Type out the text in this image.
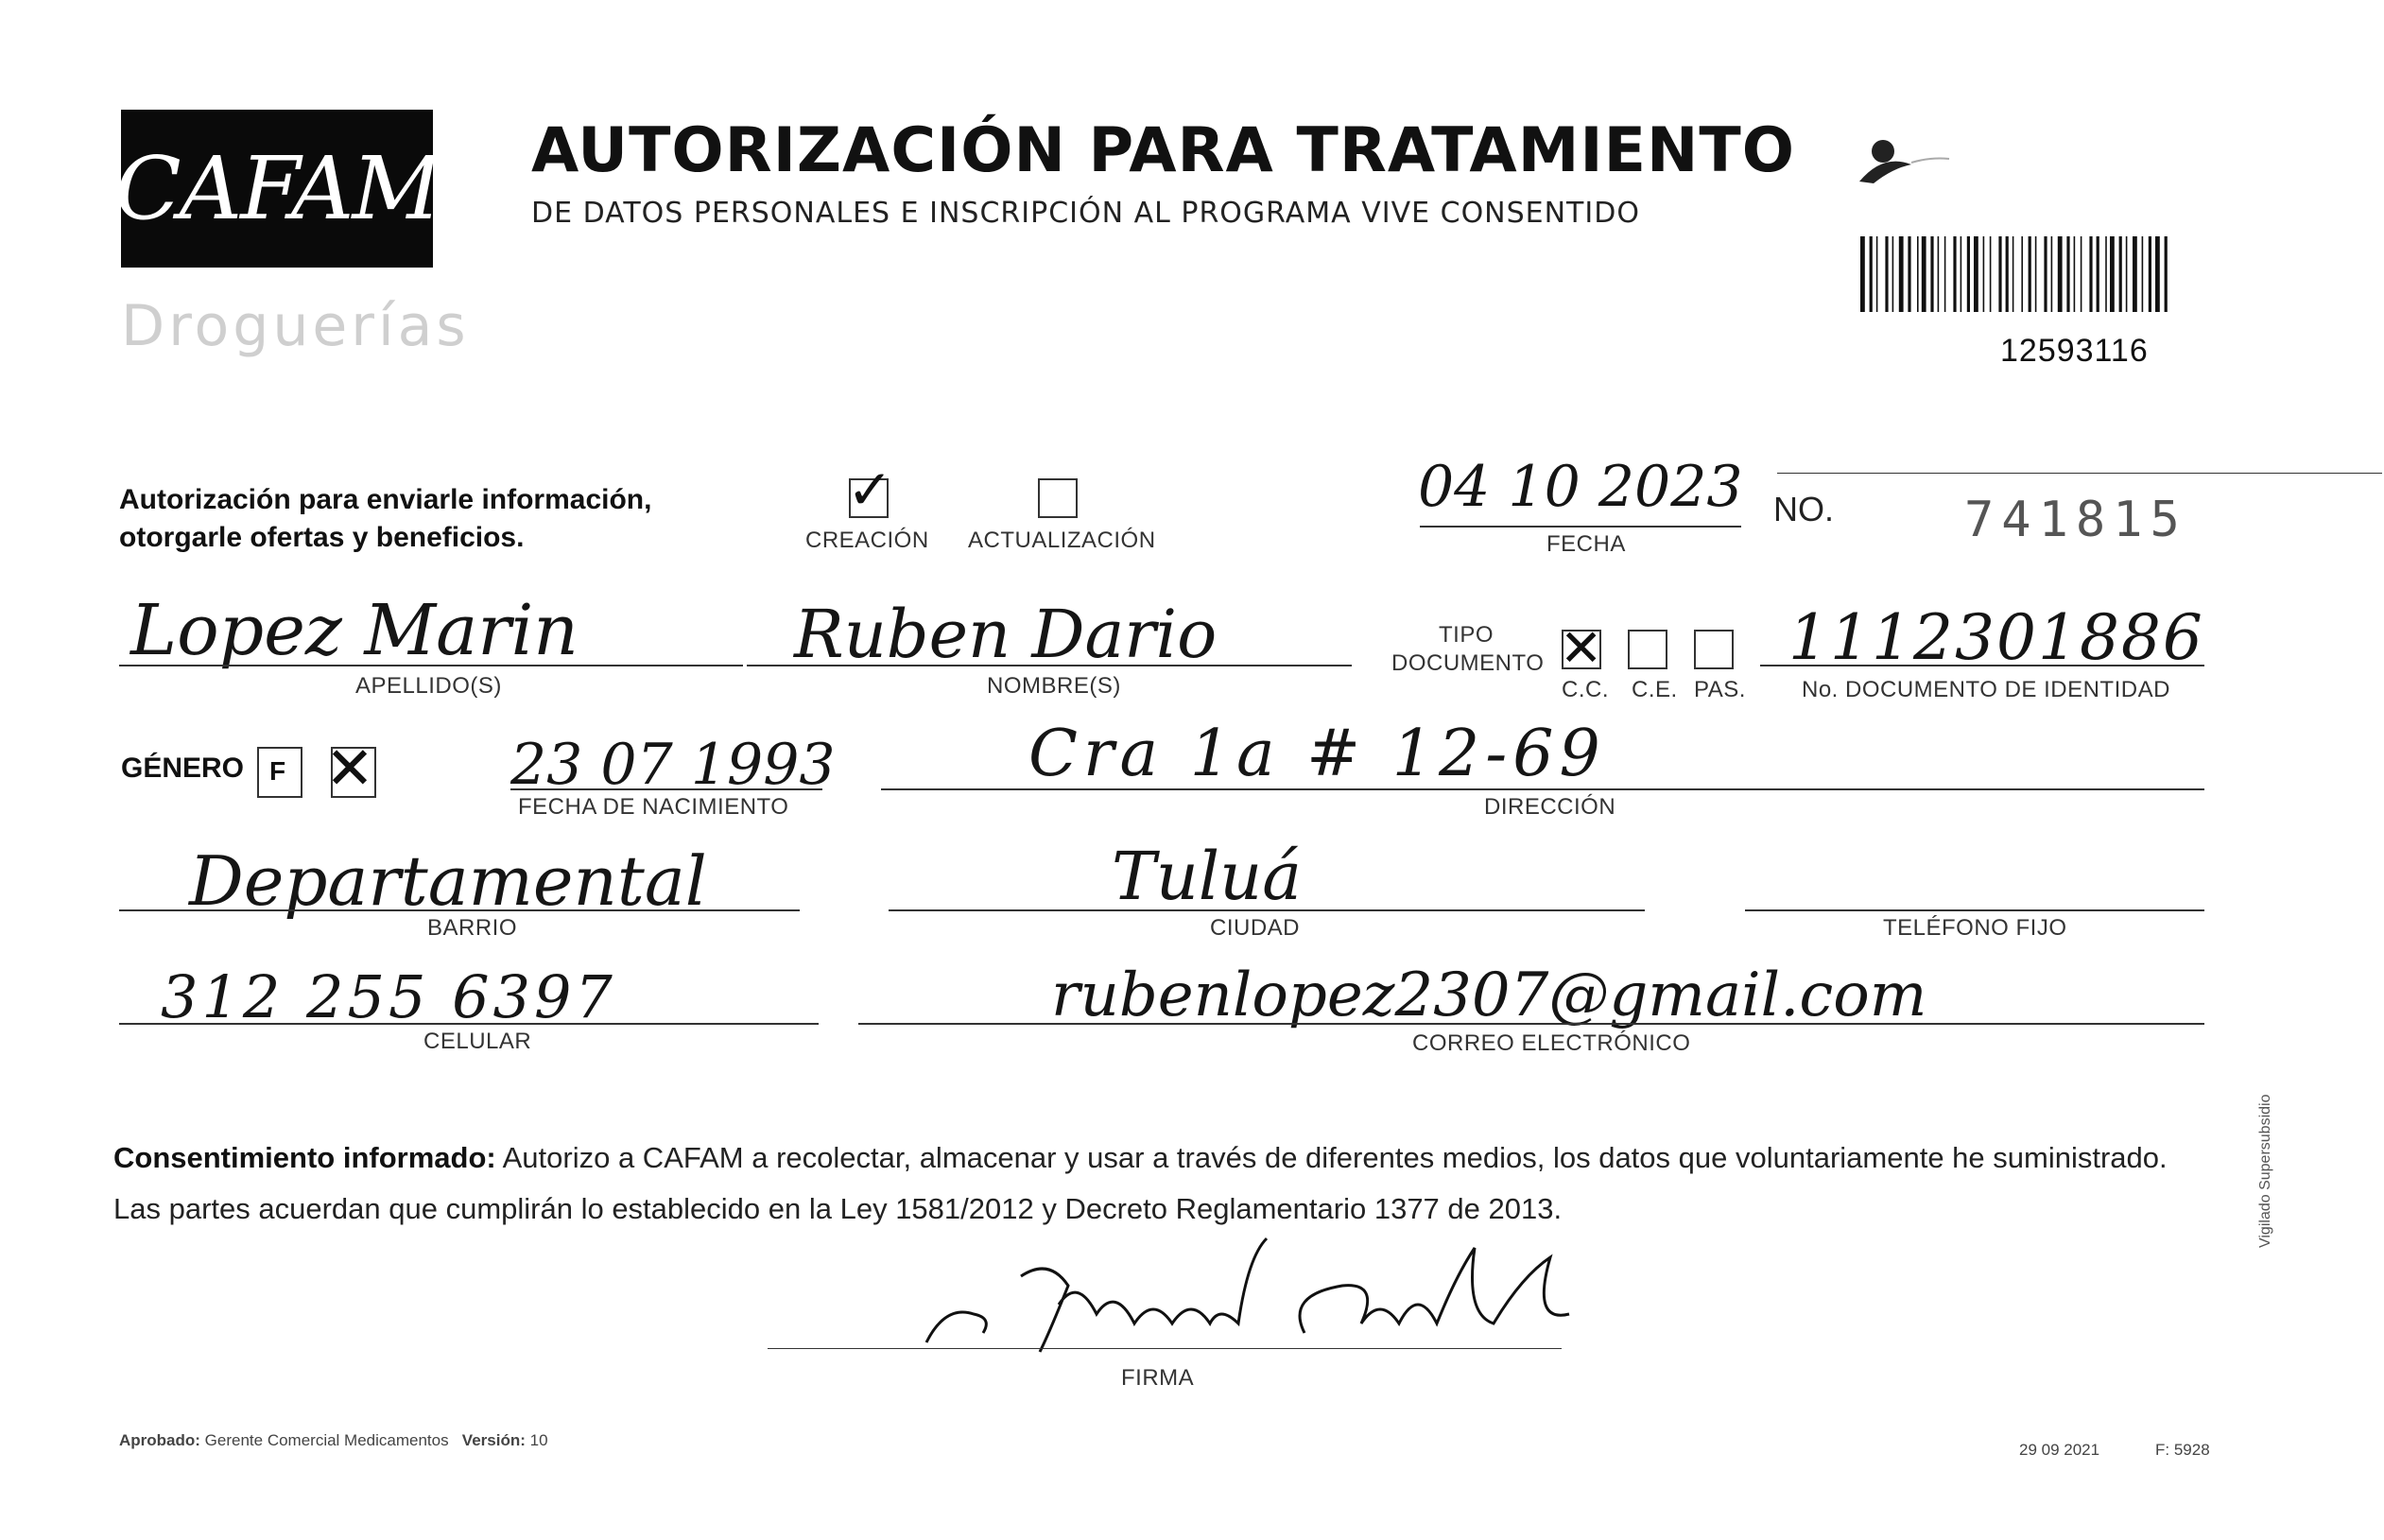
CAFAM
Droguerías
AUTORIZACIÓN PARA TRATAMIENTO
DE DATOS PERSONALES E INSCRIPCIÓN AL PROGRAMA VIVE CONSENTIDO
12593116
Autorización para enviarle información,
otorgarle ofertas y beneficios.
✓
CREACIÓN ACTUALIZACIÓN
04 10 2023
FECHA
NO.	741815
Lopez Marin
APELLIDO(S)
Ruben Dario
NOMBRE(S)
TIPO
DOCUMENTO ✕
C.C. C.E. PAS.
1112301886
No. DOCUMENTO DE IDENTIDAD
GÉNERO F ✕ 23 07 1993
FECHA DE NACIMIENTO
Cra 1a # 12-69
DIRECCIÓN
Departamental
BARRIO
Tuluá
CIUDAD	TELÉFONO FIJO
312 255 6397
CELULAR
rubenlopez2307@gmail.com
CORREO ELECTRÓNICO
Consentimiento informado: Autorizo a CAFAM a recolectar, almacenar y usar a través de diferentes medios, los datos que voluntariamente he suministrado.
Las partes acuerdan que cumplirán lo establecido en la Ley 1581/2012 y Decreto Reglamentario 1377 de 2013.
FIRMA
Aprobado: Gerente Comercial Medicamentos Versión: 10
29 09 2021	F: 5928
Vigilado Supersubsidio
